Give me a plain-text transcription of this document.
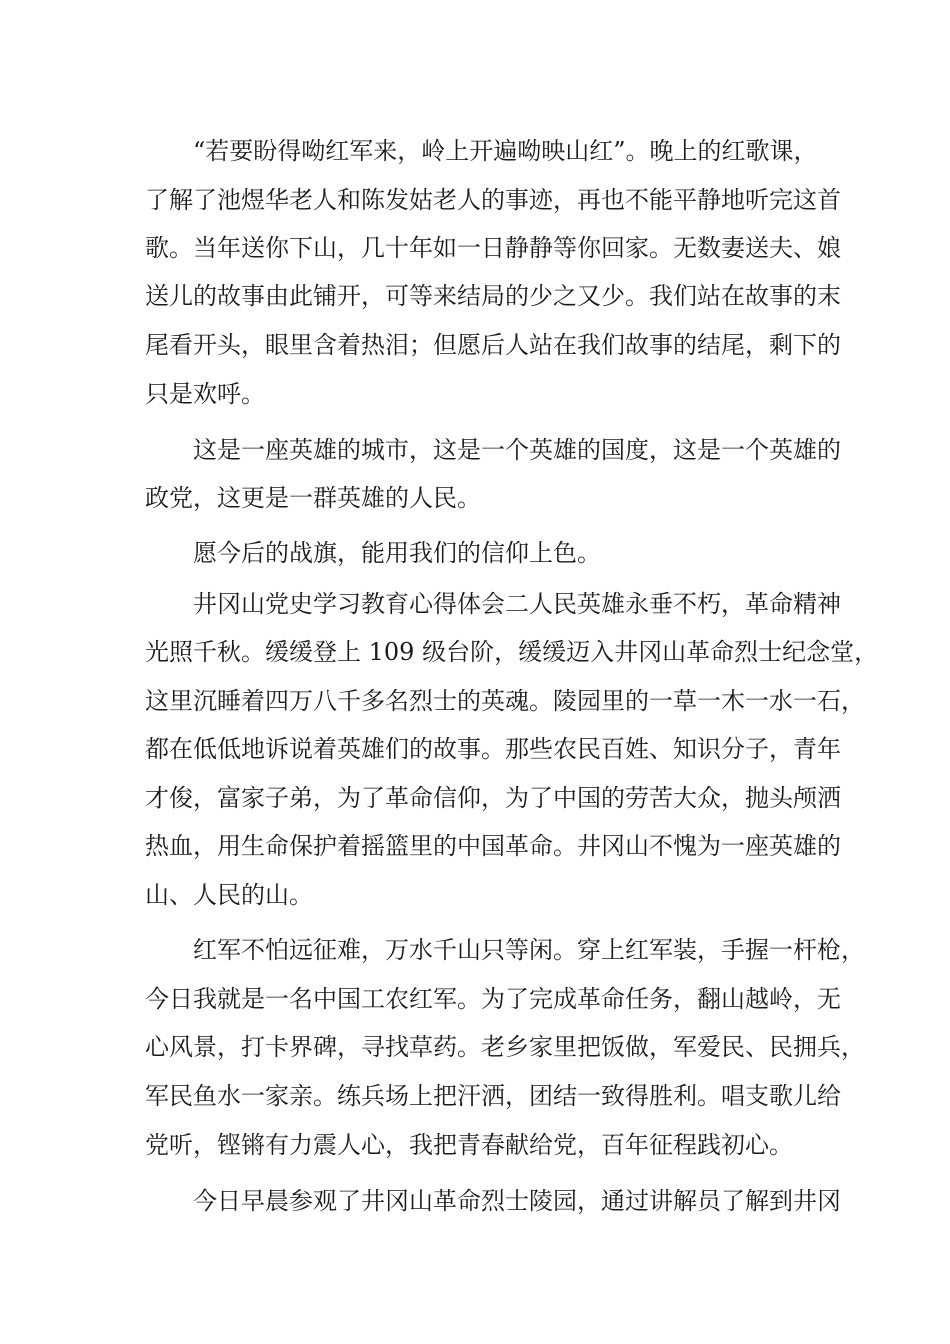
“若要盼得呦红军来，岭上开遍呦映山红”。晚上的红歌课，
了解了池煜华老人和陈发姑老人的事迹，再也不能平静地听完这首
歌。当年送你下山，几十年如一日静静等你回家。无数妻送夫、娘
送儿的故事由此铺开，可等来结局的少之又少。我们站在故事的末
尾看开头，眼里含着热泪；但愿后人站在我们故事的结尾，剩下的
只是欢呼。
这是一座英雄的城市，这是一个英雄的国度，这是一个英雄的
政党，这更是一群英雄的人民。
愿今后的战旗，能用我们的信仰上色。
井冈山党史学习教育心得体会二人民英雄永垂不朽，革命精神
光照千秋。缓缓登上 109 级台阶，缓缓迈入井冈山革命烈士纪念堂，
这里沉睡着四万八千多名烈士的英魂。陵园里的一草一木一水一石，
都在低低地诉说着英雄们的故事。那些农民百姓、知识分子，青年
才俊，富家子弟，为了革命信仰，为了中国的劳苦大众，抛头颅洒
热血，用生命保护着摇篮里的中国革命。井冈山不愧为一座英雄的
山、人民的山。
红军不怕远征难，万水千山只等闲。穿上红军装，手握一杆枪，
今日我就是一名中国工农红军。为了完成革命任务，翻山越岭，无
心风景，打卡界碑，寻找草药。老乡家里把饭做，军爱民、民拥兵，
军民鱼水一家亲。练兵场上把汗洒，团结一致得胜利。唱支歌儿给
党听，铿锵有力震人心，我把青春献给党，百年征程践初心。
今日早晨参观了井冈山革命烈士陵园，通过讲解员了解到井冈
